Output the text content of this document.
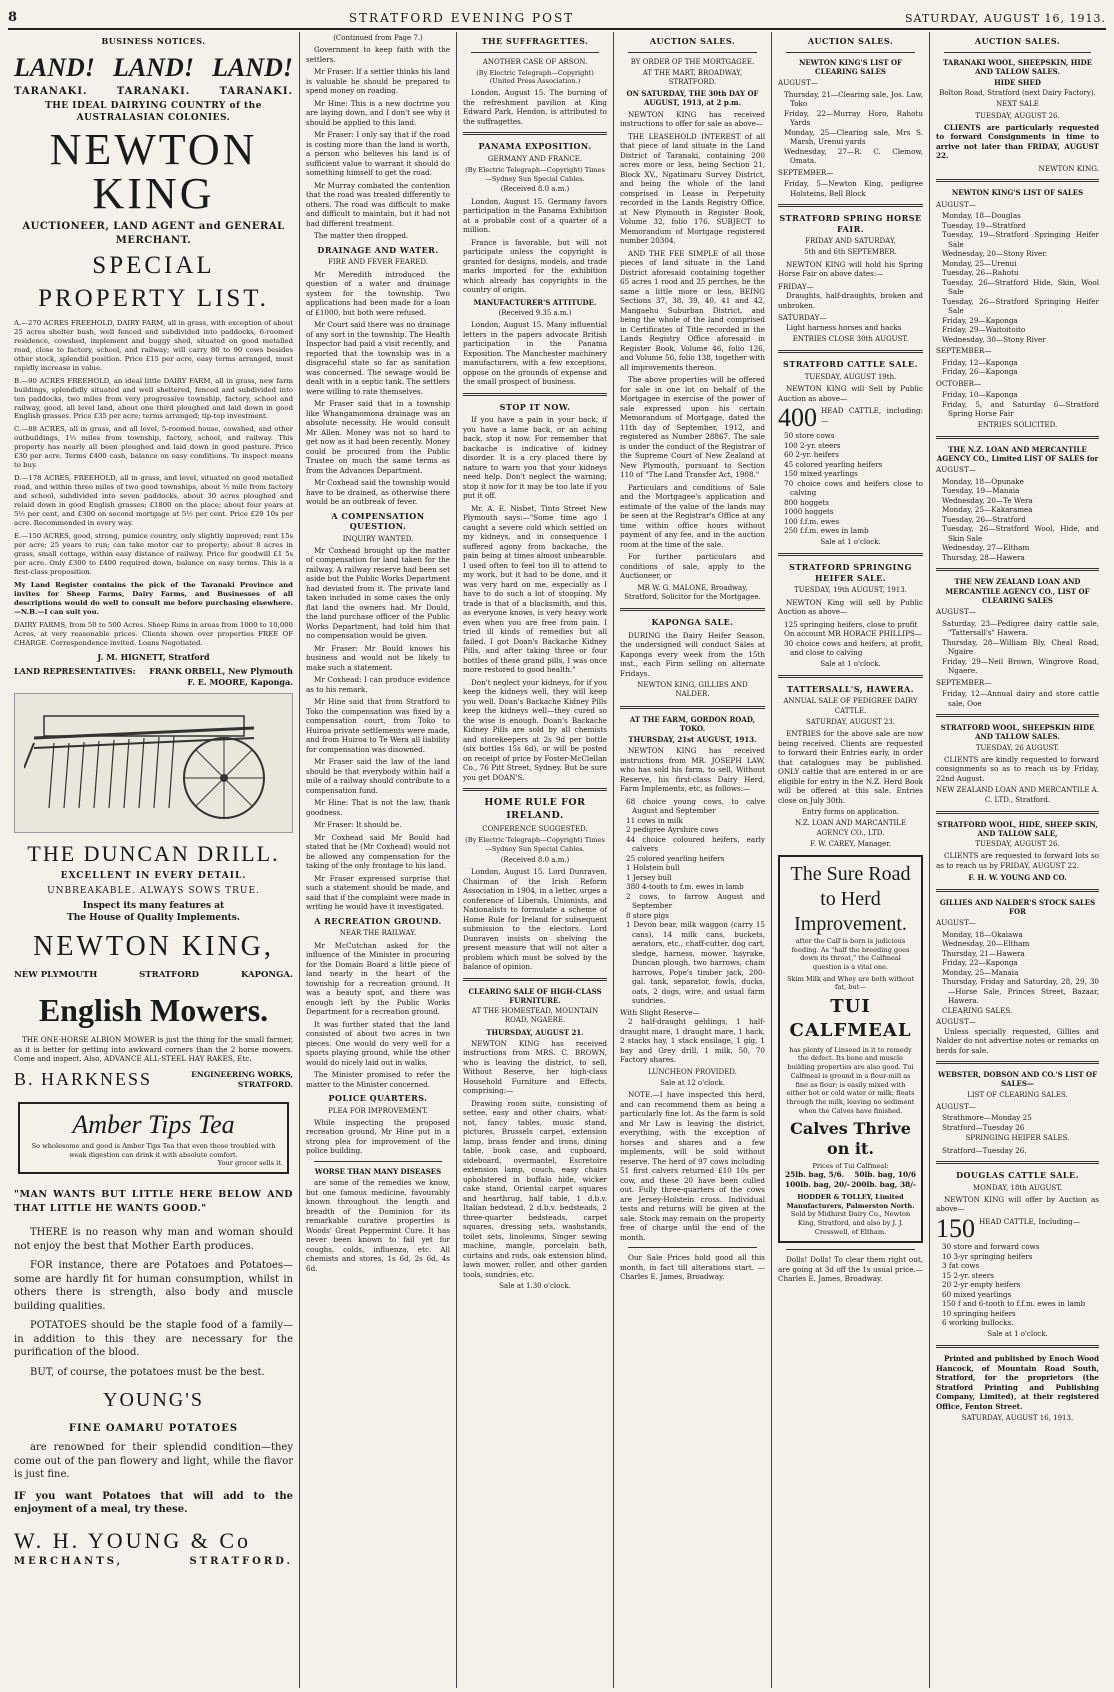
8	STRATFORD EVENING POST	SATURDAY, AUGUST 16, 1913.
BUSINESS NOTICES.
LAND! LAND! LAND!
TARANAKI.	TARANAKI.	TARANAKI.
THE IDEAL DAIRYING COUNTRY of the AUSTRALASIAN COLONIES.
NEWTON KING
AUCTIONEER, LAND AGENT and GENERAL MERCHANT.
SPECIAL PROPERTY LIST.

A.—270 ACRES FREEHOLD, DAIRY FARM, all in grass, with exception of about 25 acres shelter bush, well fenced and subdivided into paddocks, 6-roomed residence, cowshed, implement and buggy shed, situated on good metalled road, close to factory, school, and railway; will carry 80 to 90 cows besides other stock, splendid position. Price £15 per acre, easy terms arranged, must rapidly increase in value.

B.—90 ACRES FREEHOLD, an ideal little DAIRY FARM, all in grass, new farm buildings, splendidly situated and well sheltered, fenced and subdivided into ten paddocks, two miles from very progressive township, factory, school and railway, good, all level land, about one third ploughed and laid down in good English grasses. Price £35 per acre; terms arranged; tip-top investment.

C.—88 ACRES, all in grass, and all level, 5-roomed house, cowshed, and other outbuildings, 1½ miles from township, factory, school, and railway. This property has nearly all been ploughed and laid down in good pasture. Price £30 per acre. Terms £400 cash, balance on easy conditions. To inspect means to buy.

D.—178 ACRES, FREEHOLD, all in grass, and level, situated on good metalled road, and within three miles of two good townships, about ½ mile from factory and school, subdivided into seven paddocks, about 30 acres ploughed and relaid down in good English grasses; £1800 on the place; about four years at 5½ per cent, and £300 on second mortgage at 5½ per cent. Price £29 10s per acre. Recommended in every way.

E.—150 ACRES, good, strong, pumice country, only slightly improved; rent 15s per acre; 25 years to run; can take motor car to property; about 8 acres in grass, small cottage, within easy distance of railway. Price for goodwill £1 5s per acre. Only £300 to £400 required down, balance on easy terms. This is a first-class proposition.

My Land Register contains the pick of the Taranaki Province and invites for Sheep Farms, Dairy Farms, and Businesses of all descriptions would do well to consult me before purchasing elsewhere.—N.B.—I can suit you.

DAIRY FARMS, from 50 to 500 Acres. Sheep Runs in areas from 1000 to 10,000 Acres, at very reasonable prices. Clients shown over properties FREE OF CHARGE. Correspondence invited. Loans Negotiated.

J. M. HIGNETT, Stratford
LAND REPRESENTATIVES: FRANK ORBELL, New Plymouth
F. E. MOORE, Kaponga.
THE DUNCAN DRILL.
EXCELLENT IN EVERY DETAIL.
UNBREAKABLE. ALWAYS SOWS TRUE.
Inspect its many features at
The House of Quality Implements.
NEWTON KING,
NEW PLYMOUTH	STRATFORD	KAPONGA.
English Mowers.

THE ONE-HORSE ALBION MOWER is just the thing for the small farmer, as it is better for getting into awkward corners than the 2 horse mowers. Come and inspect. Also, ADVANCE ALL-STEEL HAY RAKES, Etc.

B. HARKNESS	ENGINEERING WORKS, STRATFORD.
Amber Tips Tea
So wholesome and good is Amber Tips Tea that even those troubled with weak digestion can drink it with absolute comfort.
Your grocer sells it.
"MAN WANTS BUT LITTLE HERE BELOW AND THAT LITTLE HE WANTS GOOD."

THERE is no reason why man and woman should not enjoy the best that Mother Earth produces.

FOR instance, there are Potatoes and Potatoes—some are hardly fit for human consumption, whilst in others there is strength, also body and muscle building qualities.

POTATOES should be the staple food of a family—in addition to this they are necessary for the purification of the blood.

BUT, of course, the potatoes must be the best.

YOUNG'S
FINE OAMARU POTATOES

are renowned for their splendid condition—they come out of the pan flowery and light, while the flavor is just fine.

IF you want Potatoes that will add to the enjoyment of a meal, try these.
W. H. YOUNG & Co
MERCHANTS,	STRATFORD.
(Continued from Page 7.)

Government to keep faith with the settlers.

Mr Fraser: If a settler thinks his land is valuable he should be prepared to spend money on roading.

Mr Hine: This is a new doctrine you are laying down, and I don't see why it should be applied to this land.

Mr Fraser: I only say that if the road is costing more than the land is worth, a person who believes his land is of sufficient value to warrant it should do something himself to get the road.

Mr Murray combated the contention that the road was treated differently to others. The road was difficult to make and difficult to maintain, but it had not had different treatment.

The matter then dropped.

DRAINAGE AND WATER.
FIRE AND FEVER FEARED.

Mr Meredith introduced the question of a water and drainage system for the township. Two applications had been made for a loan of £1000, but both were refused.

Mr Court said there was no drainage of any sort in the township. The Health Inspector had paid a visit recently, and reported that the township was in a disgraceful state so far as sanitation was concerned. The sewage would be dealt with in a septic tank. The settlers were willing to rate themselves.

Mr Fraser said that in a township like Whangamomona drainage was an absolute necessity. He would consult Mr Allen. Money was not so hard to get now as it had been recently. Money could be procured from the Public Trustee on much the same terms as from the Advances Department.

Mr Coxhead said the township would have to be drained, as otherwise there would be an outbreak of fever.

A COMPENSATION QUESTION.
INQUIRY WANTED.

Mr Coxhead brought up the matter of compensation for land taken for the railway. A railway reserve had been set aside but the Public Works Department had deviated from it. The private land taken included in some cases the only flat land the owners had. Mr Dould, the land purchase officer of the Public Works Department, had told him that no compensation would be given.

Mr Fraser: Mr Bould knows his business and would not be likely to make such a statement.

Mr Coxhead: I can produce evidence as to his remark.

Mr Hine said that from Stratford to Toko the compensation was fixed by a compensation court, from Toko to Huiroa private settlements were made, and from Huiroa to Te Wera all liability for compensation was disowned.

Mr Fraser said the law of the land should be that everybody within half a mile of a railway should contribute to a compensation fund.

Mr Hine: That is not the law, thank goodness.

Mr Fraser: It should be.

Mr Coxhead said Mr Bould had stated that he (Mr Coxhead) would not be allowed any compensation for the taking of the only frontage to his land.

Mr Fraser expressed surprise that such a statement should be made, and said that if the complaint were made in writing he would have it investigated.

A RECREATION GROUND.
NEAR THE RAILWAY.

Mr McCutchan asked for the influence of the Minister in procuring for the Domain Board a little piece of land nearly in the heart of the township for a recreation ground. It was a beauty spot, and there was enough left by the Public Works Department for a recreation ground.

It was further stated that the land consisted of about two acres in two pieces. One would do very well for a sports playing ground, while the other would do nicely laid out in walks.

The Minister promised to refer the matter to the Minister concerned.

POLICE QUARTERS.
PLEA FOR IMPROVEMENT.

While inspecting the proposed recreation ground, Mr Hine put in a strong plea for improvement of the police building.

WORSE THAN MANY DISEASES

are some of the remedies we know, but one famous medicine, favourably known throughout the length and breadth of the Dominion for its remarkable curative properties is Woods' Great Peppermint Cure. It has never been known to fail yet for coughs, colds, influenza, etc. All chemists and stores, 1s 6d, 2s 6d, 4s 6d.

THE SUFFRAGETTES.
ANOTHER CASE OF ARSON.
(By Electric Telegraph—Copyright) (United Press Association.)

London, August 15. The burning of the refreshment pavilion at King Edward Park, Hendon, is attributed to the suffragettes.

PANAMA EXPOSITION.
GERMANY AND FRANCE.
(By Electric Telegraph—Copyright) Times—Sydney Sun Special Cables.
(Received 8.0 a.m.)

London, August 15. Germany favors participation in the Panama Exhibition at a probable cost of a quarter of a million.

France is favorable, but will not participate unless the copyright is granted for designs, models, and trade marks imported for the exhibition which already has copyrights in the country of origin.

MANUFACTURER'S ATTITUDE.
(Received 9.35 a.m.)

London, August 15. Many influential letters in the papers advocate British participation in the Panama Exposition. The Manchester machinery manufacturers, with a few exceptions, oppose on the grounds of expense and the small prospect of business.

STOP IT NOW.

If you have a pain in your back, if you have a lame back, or an aching back, stop it now. For remember that backache is indicative of kidney disorder. It is a cry placed there by nature to warn you that your kidneys need help. Don't neglect the warning; stop it now for it may be too late if you put it off.

Mr. A. E. Nisbet, Tinto Street New Plymouth says:—"Some time ago I caught a severe cold which settled on my kidneys, and in consequence I suffered agony from backache, the pain being at times almost unbearable. I used often to feel too ill to attend to my work, but it had to be done, and it was very hard on me, especially as I have to do such a lot of stooping. My trade is that of a blacksmith, and this, as everyone knows, is very heavy work even when you are free from pain. I tried ill kinds of remedies but all failed. I got Doan's Backache Kidney Pills, and after taking three or four bottles of these grand pills, I was once more restored to good health."

Don't neglect your kidneys, for if you keep the kidneys well, they will keep you well. Doan's Backache Kidney Pills keep the kidneys well—they cured so the wise is enough. Doan's Backache Kidney Pills are sold by all chemists and storekeepers at 2s 9d per bottle (six bottles 15s 6d), or will be posted on receipt of price by Foster-McClellan Co., 76 Pitt Street, Sydney. But be sure you get DOAN'S.

HOME RULE FOR IRELAND.
CONFERENCE SUGGESTED.
(By Electric Telegraph—Copyright) Times—Sydney Sun Special Cables.
(Received 8.0 a.m.)

London, August 15. Lord Dunraven, Chairman of the Irish Reform Association in 1904, in a letter, urges a conference of Liberals, Unionists, and Nationalists to formulate a scheme of Home Rule for Ireland for subsequent submission to the electors. Lord Dunraven insists on shelving the present measure that will not alter a problem which must be solved by the balance of opinion.

CLEARING SALE OF HIGH-CLASS FURNITURE.
AT THE HOMESTEAD, MOUNTAIN ROAD, NGAERE.
THURSDAY, AUGUST 21.

NEWTON KING has received instructions from MRS. C. BROWN, who is leaving the district, to sell, Without Reserve, her high-class Household Furniture and Effects, comprising:—

Drawing room suite, consisting of settee, easy and other chairs, what-not, fancy tables, music stand, pictures, Brussels carpet, extension lamp, brass fender and irons, dining table, book case, and cupboard, sideboard, overmantel, Escretoire extension lamp, couch, easy chairs upholstered in buffalo hide, wicker cake stand, Oriental carpet squares and hearthrug, half table, 1 d.b.v. Italian bedstead, 2 d.b.v. bedsteads, 2 three-quarter bedsteads, carpet squares, dressing sets, washstands, toilet sets, linoleums, Singer sewing machine, mangle, porcelain bath, curtains and rods, oak extension blind, lawn mower, roller, and other garden tools, sundries, etc.

Sale at 1.30 o'clock.
AUCTION SALES.
BY ORDER OF THE MORTGAGEE.
AT THE MART, BROADWAY, STRATFORD.
ON SATURDAY, THE 30th DAY OF AUGUST, 1913, at 2 p.m.

NEWTON KING has received instructions to offer for sale as above—

THE LEASEHOLD INTEREST of all that piece of land situate in the Land District of Taranaki, containing 200 acres more or less, being Section 21, Block XV., Ngatimaru Survey District, and being the whole of the land comprised in Lease in Perpetuity recorded in the Lands Registry Office, at New Plymouth in Register Book, Volume 32, folio 176. SUBJECT to Memorandum of Mortgage registered number 20304.

AND THE FEE SIMPLE of all those pieces of land situate in the Land District aforesaid containing together 65 acres 1 rood and 25 perches, be the same a little more or less, BEING Sections 37, 38, 39, 40, 41 and 42, Mangaehu Suburban District, and being the whole of the land comprised in Certificates of Title recorded in the Lands Registry Office aforesaid in Register Book, Volume 46, folio 126, and Volume 56, folio 138, together with all improvements thereon.

The above properties will be offered for sale in one lot on behalf of the Mortgagee in exercise of the power of sale expressed upon his certain Memorandum of Mortgage, dated the 11th day of September, 1912, and registered as Number 28867. The sale is under the conduct of the Registrar of the Supreme Court of New Zealand at New Plymouth, pursuant to Section 110 of "The Land Transfer Act, 1908."

Particulars and conditions of Sale and the Mortgagee's application and estimate of the value of the lands may be seen at the Registrar's Office at any time within office hours without payment of any fee, and in the auction room at the time of the sale.

For further particulars and conditions of sale, apply to the Auctioneer, or

MR W. G. MALONE, Broadway, Stratford, Solicitor for the Mortgagee.
KAPONGA SALE.

DURING the Dairy Heifer Season, the undersigned will conduct Sales at Kaponga every week from the 15th inst., each Firm selling on alternate Fridays.

NEWTON KING, GILLIES AND NALDER.
AT THE FARM, GORDON ROAD, TOKO.
THURSDAY, 21st AUGUST, 1913.

NEWTON KING has received instructions from MR. JOSEPH LAW, who has sold his farm, to sell, Without Reserve, his first-class Dairy Herd, Farm Implements, etc, as follows:—

68 choice young cows, to calve August and September
11 cows in milk
2 pedigree Ayrshire cows
44 choice coloured heifers, early calvers
25 colored yearling heifers
1 Holstein bull
1 Jersey bull
380 4-tooth to f.m. ewes in lamb
2 cows, to farrow August and September
8 store pigs
1 Devon bear, milk waggon (carry 15 cans), 14 milk cans, buckets, aerators, etc., chaff-cutter, dog cart, sledge, harness, mower, hayrake, Duncan plough, two harrows, chain harrows, Pope's timber jack, 200-gal. tank, separator, fowls, ducks, oats, 2 dogs, wire, and usual farm sundries.
With Slight Reserve—

2 half-draught geldings, 1 half-draught mare, 1 draught mare, 1 hack, 2 stacks hay, 1 stack ensilage, 1 gig, 1 bay and Grey drill, 1 milk, 50, 70 Factory shares.

LUNCHEON PROVIDED.
Sale at 12 o'clock.

NOTE.—I have inspected this herd, and can recommend them as being a particularly fine lot. As the farm is sold and Mr Law is leaving the district, everything, with the exception of horses and shares and a few implements, will be sold without reserve. The herd of 97 cows including 51 first calvers returned £10 10s per cow, and these 20 have been culled out. Fully three-quarters of the cows are Jersey-Holstein cross. Individual tests and returns will be given at the sale. Stock may remain on the property free of charge until the end of the month.

Our Sale Prices hold good all this month, in fact till alterations start. —Charles E. James, Broadway.

AUCTION SALES.
NEWTON KING'S LIST OF CLEARING SALES
AUGUST—
Thursday, 21—Clearing sale, Jos. Law, Toko
Friday, 22—Murray Horo, Rahotu Yards
Monday, 25—Clearing sale, Mrs S. Marsh, Urenui yards
Wednesday, 27—R. C. Clemow, Omata.
SEPTEMBER—
Friday, 5—Newton King, pedigree Holsteins, Bell Block
STRATFORD SPRING HORSE FAIR.
FRIDAY AND SATURDAY,
5th and 6th SEPTEMBER.

NEWTON KING will hold his Spring Horse Fair on above dates:—

FRIDAY—

Draughts, half-draughts, broken and unbroken.

SATURDAY—

Light harness horses and hacks

ENTRIES CLOSE 30th AUGUST.
STRATFORD CATTLE SALE.
TUESDAY, AUGUST 19th.

NEWTON KING will Sell by Public Auction as above—

400 HEAD CATTLE, including:—
50 store cows
100 2-yr. steers
60 2-yr. heifers
45 colored yearling heifers
150 mixed yearlings
70 choice cows and heifers close to calving
800 hoggets
1000 hoggets
100 f.f.m. ewes
250 f.f.m. ewes in lamb
Sale at 1 o'clock.
STRATFORD SPRINGING HEIFER SALE.
TUESDAY, 19th AUGUST, 1913.

NEWTON King will sell by Public Auction as above—

125 springing heifers, close to profit
On account MR HORACE PHILLIPS—
30 choice cows and heifers, at profit, and close to calving
Sale at 1 o'clock.
TATTERSALL'S, HAWERA.
ANNUAL SALE OF PEDIGREE DAIRY CATTLE.
SATURDAY, AUGUST 23.

ENTRIES for the above sale are now being received. Clients are requested to forward their Entries early, in order that catalogues may be published. ONLY cattle that are entered in or are eligible for entry in the N.Z. Herd Book will be offered at this sale. Entries close on July 30th.

Entry forms on application.
N.Z. LOAN AND MARCANTILE AGENCY CO., LTD.
F. W. CAREY, Manager.
The Sure Road to Herd Improvement.

after the Calf is born is judicious feeding. As "half the breeding goes down its throat," the Calfmeal question is a vital one.

Skim Milk and Whey are both without fat, but—
TUI CALFMEAL

has plenty of Linseed in it to remedy the defect. Its bone and muscle building properties are also good. Tui Calfmeal is ground in a flour-mill as fine as flour; is easily mixed with either hot or cold water or milk; floats through the milk, leaving no sediment when the Calves have finished.

Calves Thrive on it.
Prices of Tui Calfmeal:
25lb. bag, 5/6. 50lb. bag, 10/6
100lb. bag, 20/- 200lb. bag, 38/-
HODDER & TOLLEY, Limited Manufacturers, Palmerston North.
Sold by Midhirst Dairy Co., Newton King, Stratford, and also by J. J. Cresswell, of Eltham.

Dolls! Dolls! To clear them right out, are going at 3d off the 1s usual price.—Charles E. James, Broadway.

AUCTION SALES.
TARANAKI WOOL, SHEEPSKIN, HIDE AND TALLOW SALES.
HIDE SHED
Bolton Road, Stratford (next Dairy Factory).
NEXT SALE
TUESDAY, AUGUST 26.

CLIENTS are particularly requested to forward Consignments in time to arrive not later than FRIDAY, AUGUST 22.

NEWTON KING.
NEWTON KING'S LIST OF SALES
AUGUST—
Monday, 18—Douglas
Tuesday, 19—Stratford
Tuesday, 19—Stratford Springing Heifer Sale
Wednesday, 20—Stony River.
Monday, 25—Urenui
Tuesday, 26—Rahotu
Tuesday, 26—Stratford Hide, Skin, Wool Sale
Tuesday, 26—Stratford Springing Heifer Sale
Friday, 29—Kaponga
Friday, 29—Waitoitoito
Wednesday, 30—Stony River
SEPTEMBER—
Friday, 12—Kaponga
Friday, 26—Kaponga
OCTOBER—
Friday, 10—Kaponga
Friday, 5, and Saturday 6—Stratford Spring Horse Fair
ENTRIES SOLICITED.
THE N.Z. LOAN AND MERCANTILE AGENCY CO., Limited LIST OF SALES for
AUGUST—
Monday, 18—Opunake
Tuesday, 19—Manaia
Wednesday, 20—Te Wera
Monday, 25—Kakaramea
Tuesday, 26—Stratford
Tuesday, 26—Stratford Wool, Hide, and Skin Sale
Wednesday, 27—Eltham
Thursday, 28—Hawera
THE NEW ZEALAND LOAN AND MERCANTILE AGENCY CO., LIST OF CLEARING SALES
AUGUST—
Saturday, 23—Pedigree dairy cattle sale, "Tattersall's" Hawera.
Thursday, 28—William Bly, Cheal Road, Ngaire
Friday, 29—Neil Brown, Wingrove Road, Ngaere.
SEPTEMBER—
Friday, 12—Annual dairy and store cattle sale, Ooe
STRATFORD WOOL, SHEEPSKIN HIDE AND TALLOW SALES.
TUESDAY, 26 AUGUST.

CLIENTS are kindly requested to forward consignments so as to reach us by Friday, 22nd August.

NEW ZEALAND LOAN AND MERCANTILE A. C. LTD., Stratford.
STRATFORD WOOL, HIDE, SHEEP SKIN, AND TALLOW SALE,
TUESDAY, AUGUST 26.

CLIENTS are requested to forward lots so as to reach us by FRIDAY, AUGUST 22.

F. H. W. YOUNG AND CO.
GILLIES AND NALDER'S STOCK SALES FOR
AUGUST—
Monday, 18—Okaiawa
Wednesday, 20—Eltham
Thursday, 21—Hawera
Friday, 22—Kaponga
Monday, 25—Manaia
Thursday, Friday and Saturday, 28, 29, 30—Horse Sale, Princes Street, Bazaar, Hawera.
CLEARING SALES.
AUGUST—

Unless specially requested, Gillies and Nalder do not advertise notes or remarks on herds for sale.

WEBSTER, DOBSON AND CO.'S LIST OF SALES—
LIST OF CLEARING SALES.
AUGUST—
Strathmore—Monday 25
Stratford—Tuesday 26
SPRINGING HEIFER SALES.
Stratford—Tuesday 26.
DOUGLAS CATTLE SALE.
MONDAY, 18th AUGUST.

NEWTON KING will offer by Auction as above—

150 HEAD CATTLE, Including—
30 store and forward cows
10 3-yr springing heifers
3 fat cows
15 2-yr. steers
20 2-yr empty heifers
60 mixed yearlings
150 f and 6-tooth to f.f.m. ewes in lamb
10 springing heifers
6 working bullocks.
Sale at 1 o'clock.

Printed and published by Enoch Wood Hancock, of Mountain Road South, Stratford, for the proprietors (the Stratford Printing and Publishing Company, Limited), at their registered Office, Fenton Street.

SATURDAY, AUGUST 16, 1913.
